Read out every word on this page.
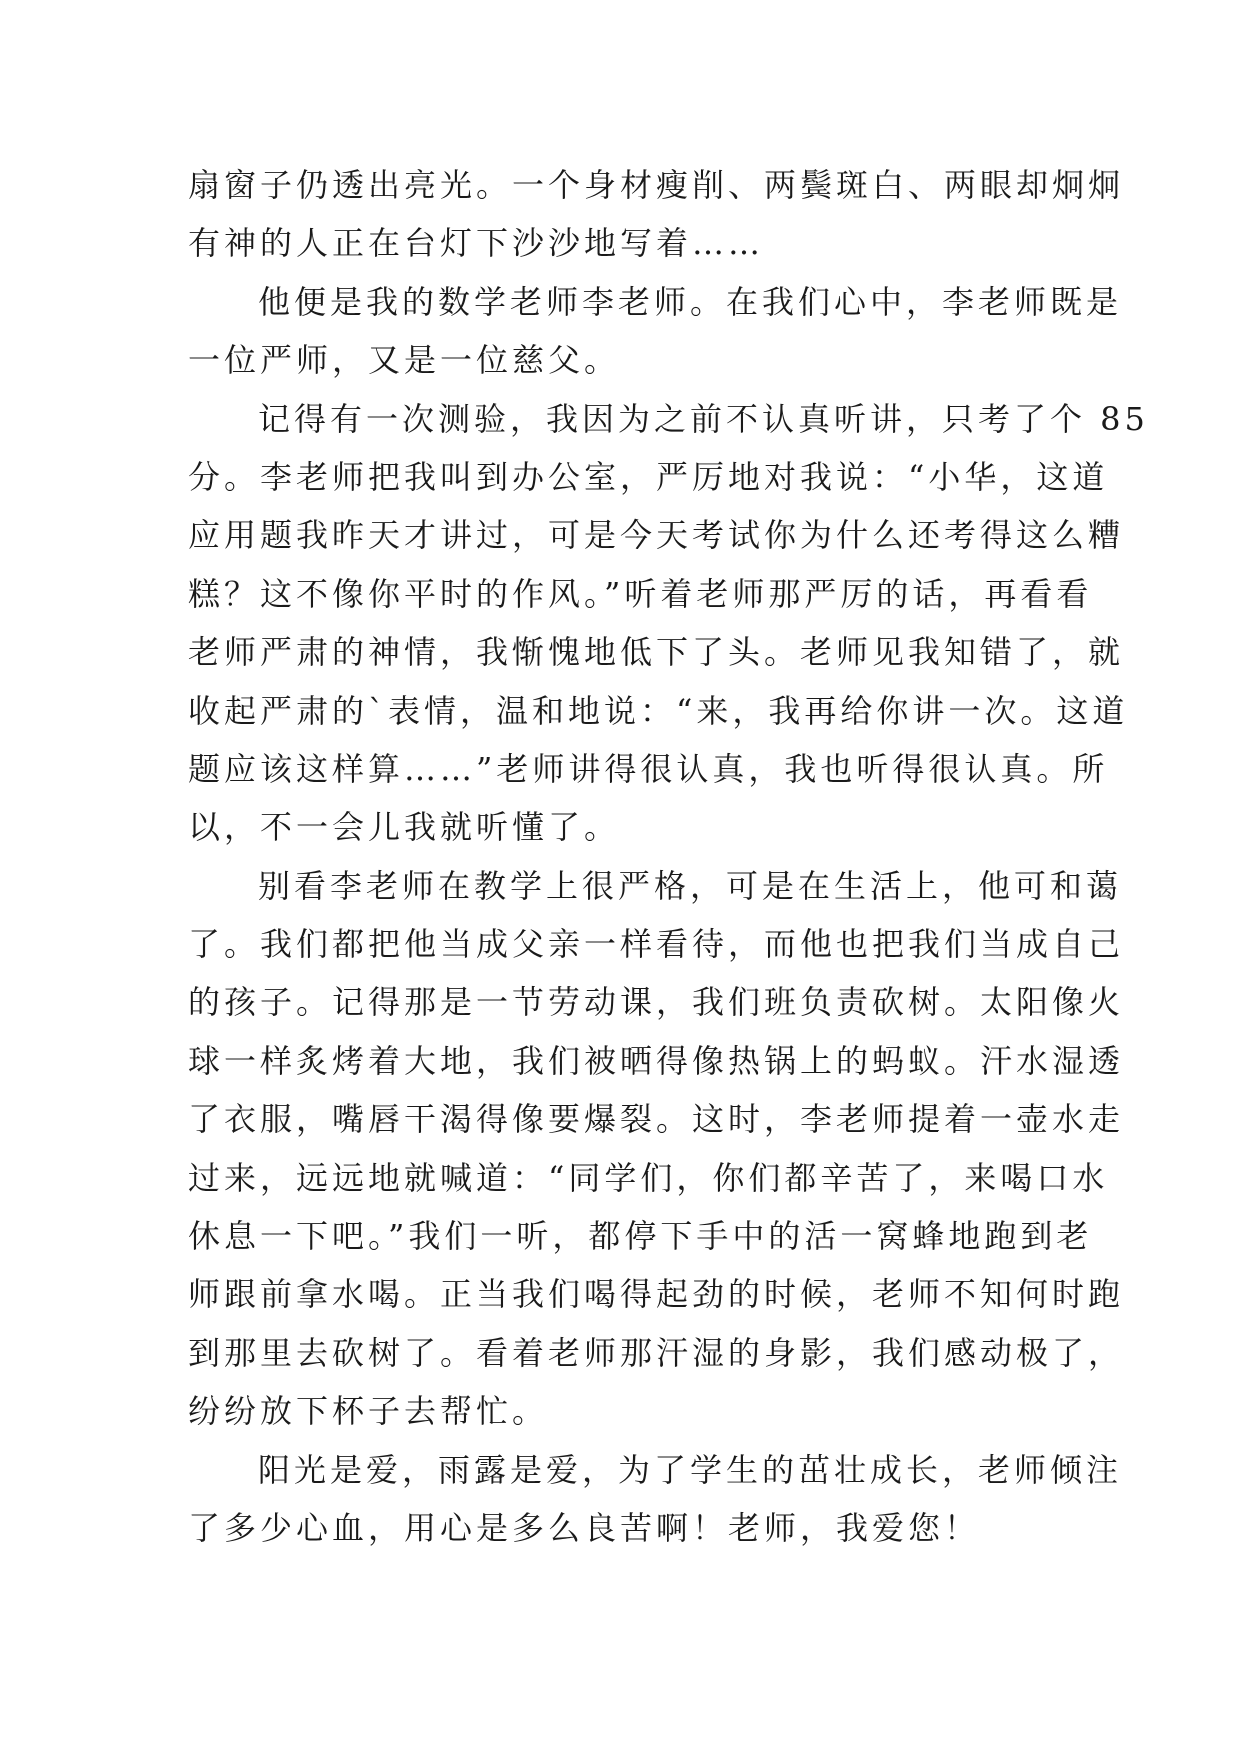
扇窗子仍透出亮光。一个身材瘦削、两鬓斑白、两眼却炯炯
有神的人正在台灯下沙沙地写着……
他便是我的数学老师李老师。在我们心中，李老师既是
一位严师，又是一位慈父。
记得有一次测验，我因为之前不认真听讲，只考了个 85
分。李老师把我叫到办公室，严厉地对我说：“小华，这道
应用题我昨天才讲过，可是今天考试你为什么还考得这么糟
糕？这不像你平时的作风。”听着老师那严厉的话，再看看
老师严肃的神情，我惭愧地低下了头。老师见我知错了，就
收起严肃的`表情，温和地说：“来，我再给你讲一次。这道
题应该这样算……”老师讲得很认真，我也听得很认真。所
以，不一会儿我就听懂了。
别看李老师在教学上很严格，可是在生活上，他可和蔼
了。我们都把他当成父亲一样看待，而他也把我们当成自己
的孩子。记得那是一节劳动课，我们班负责砍树。太阳像火
球一样炙烤着大地，我们被晒得像热锅上的蚂蚁。汗水湿透
了衣服，嘴唇干渴得像要爆裂。这时，李老师提着一壶水走
过来，远远地就喊道：“同学们，你们都辛苦了，来喝口水
休息一下吧。”我们一听，都停下手中的活一窝蜂地跑到老
师跟前拿水喝。正当我们喝得起劲的时候，老师不知何时跑
到那里去砍树了。看着老师那汗湿的身影，我们感动极了，
纷纷放下杯子去帮忙。
阳光是爱，雨露是爱，为了学生的茁壮成长，老师倾注
了多少心血，用心是多么良苦啊！老师，我爱您！
